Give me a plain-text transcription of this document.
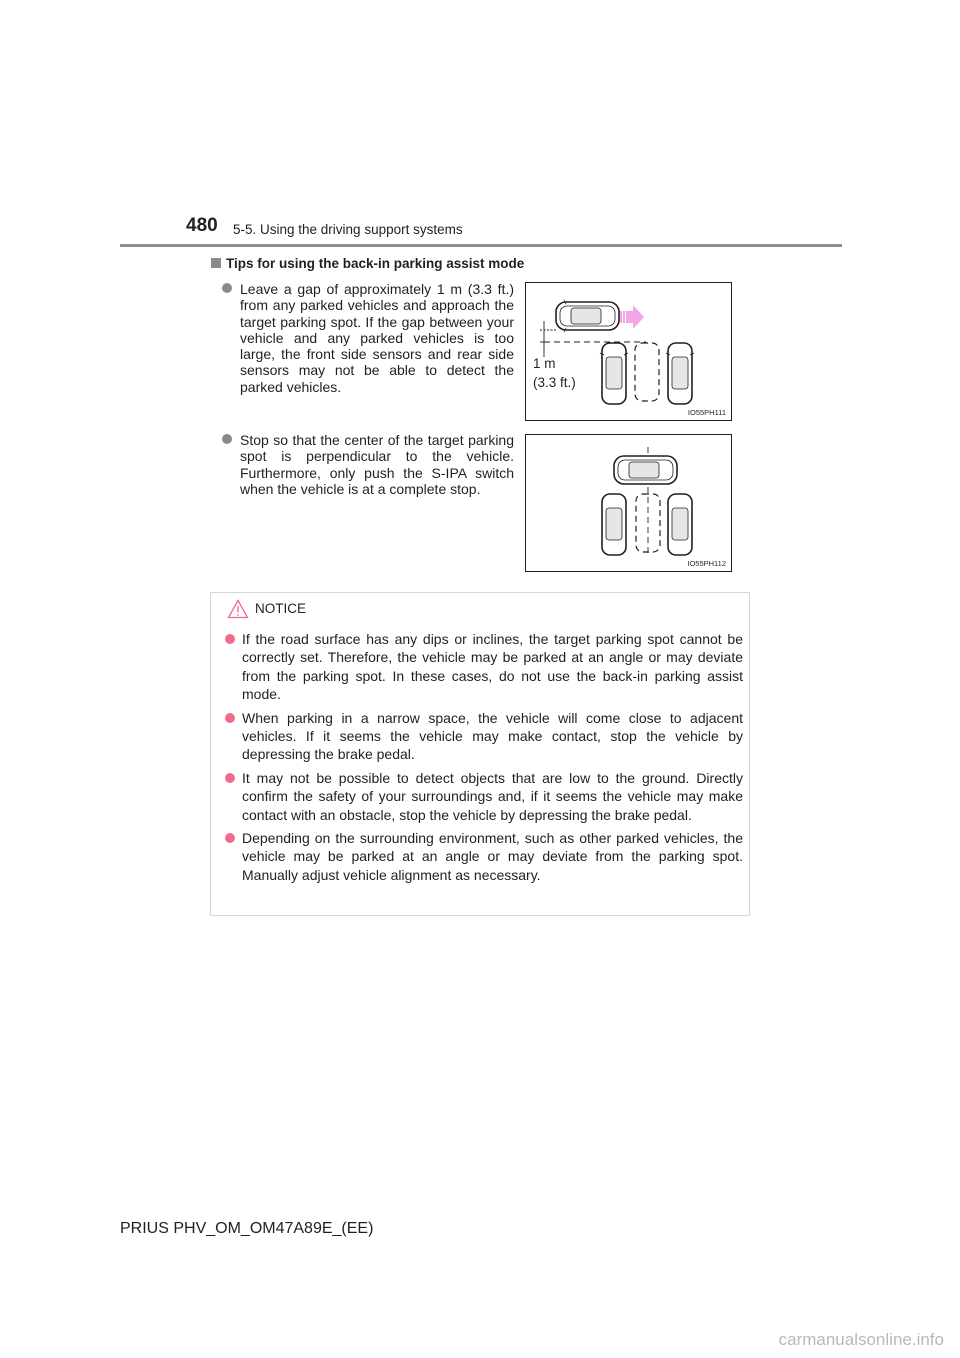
480 5-5. Using the driving support systems
Tips for using the back-in parking assist mode
Leave a gap of approximately 1 m (3.3 ft.) from any parked vehicles and approach the target parking spot. If the gap between your vehicle and any parked vehicles is too large, the front side sensors and rear side sensors may not be able to detect the parked vehicles.
Stop so that the center of the target parking spot is perpendicular to the vehicle. Furthermore, only push the S-IPA switch when the vehicle is at a complete stop.
1 m
(3.3 ft.)
IO55PH111
IO55PH112
NOTICE
If the road surface has any dips or inclines, the target parking spot cannot be correctly set. Therefore, the vehicle may be parked at an angle or may deviate from the parking spot. In these cases, do not use the back-in parking assist mode.
When parking in a narrow space, the vehicle will come close to adjacent vehicles. If it seems the vehicle may make contact, stop the vehicle by depressing the brake pedal.
It may not be possible to detect objects that are low to the ground. Directly confirm the safety of your surroundings and, if it seems the vehicle may make contact with an obstacle, stop the vehicle by depressing the brake pedal.
Depending on the surrounding environment, such as other parked vehicles, the vehicle may be parked at an angle or may deviate from the parking spot. Manually adjust vehicle alignment as necessary.
PRIUS PHV_OM_OM47A89E_(EE)
carmanualsonline.info
